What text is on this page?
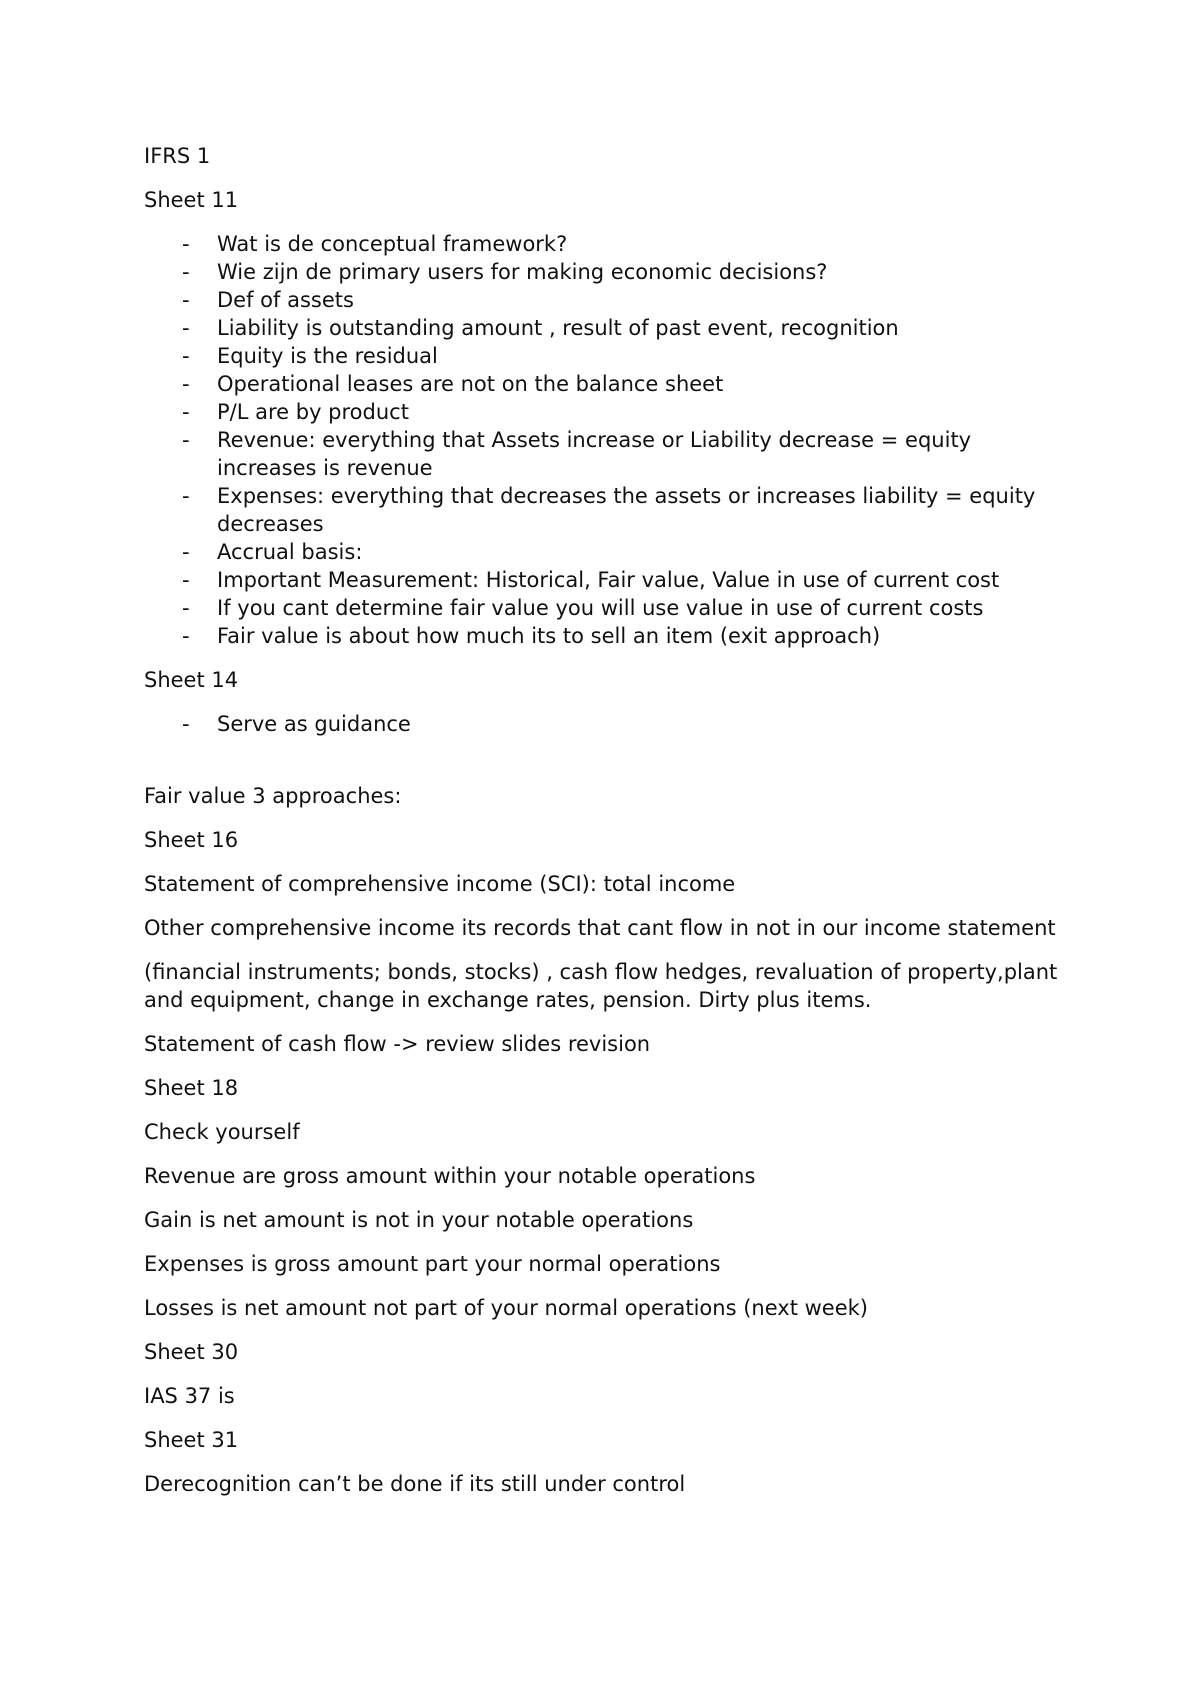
IFRS 1

Sheet 11

- Wat is de conceptual framework?
- Wie zijn de primary users for making economic decisions?
- Def of assets
- Liability is outstanding amount , result of past event, recognition
- Equity is the residual
- Operational leases are not on the balance sheet
- P/L are by product
- Revenue: everything that Assets increase or Liability decrease = equity increases is revenue
- Expenses: everything that decreases the assets or increases liability = equity decreases
- Accrual basis:
- Important Measurement: Historical, Fair value, Value in use of current cost
- If you cant determine fair value you will use value in use of current costs
- Fair value is about how much its to sell an item (exit approach)

Sheet 14

- Serve as guidance

Fair value 3 approaches:

Sheet 16

Statement of comprehensive income (SCI): total income

Other comprehensive income its records that cant flow in not in our income statement

(financial instruments; bonds, stocks) , cash flow hedges, revaluation of property,plant and equipment, change in exchange rates, pension. Dirty plus items.

Statement of cash flow -> review slides revision

Sheet 18

Check yourself

Revenue are gross amount within your notable operations

Gain is net amount is not in your notable operations

Expenses is gross amount part your normal operations

Losses is net amount not part of your normal operations (next week)

Sheet 30

IAS 37 is

Sheet 31

Derecognition can’t be done if its still under control
